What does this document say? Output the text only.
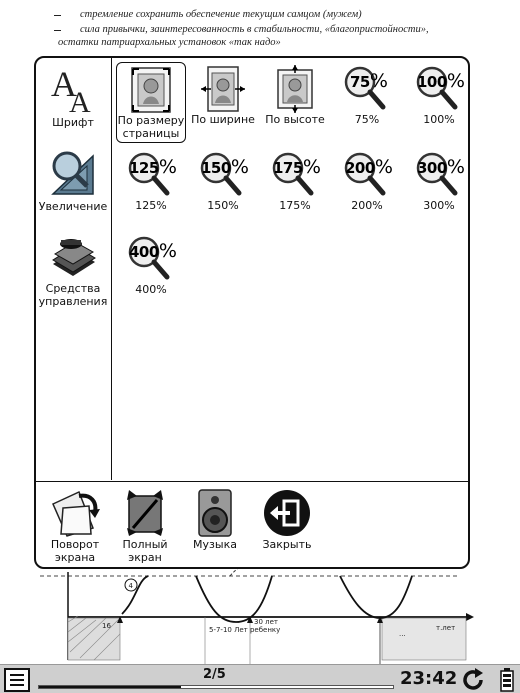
стремление сохранить обеспечение текущим самцом (мужем)
сила привычки, заинтересованность в стабильности, «благопристойности»,
остатки патриархальных установок «так надо»
4
16	5-7-10 Лет ребенку
30 лет
...
т.лет
A
A
Шрифт
Увеличение
Средства управления
По размеру страницы
По ширине По высоте
75%
75%
100%
100%
125%
125%
150%
150%
175%
175%
200%
200%
300%
300%
400%
400%
Поворот экрана
Полный экран
Музыка Закрыть
2/5	23:42
